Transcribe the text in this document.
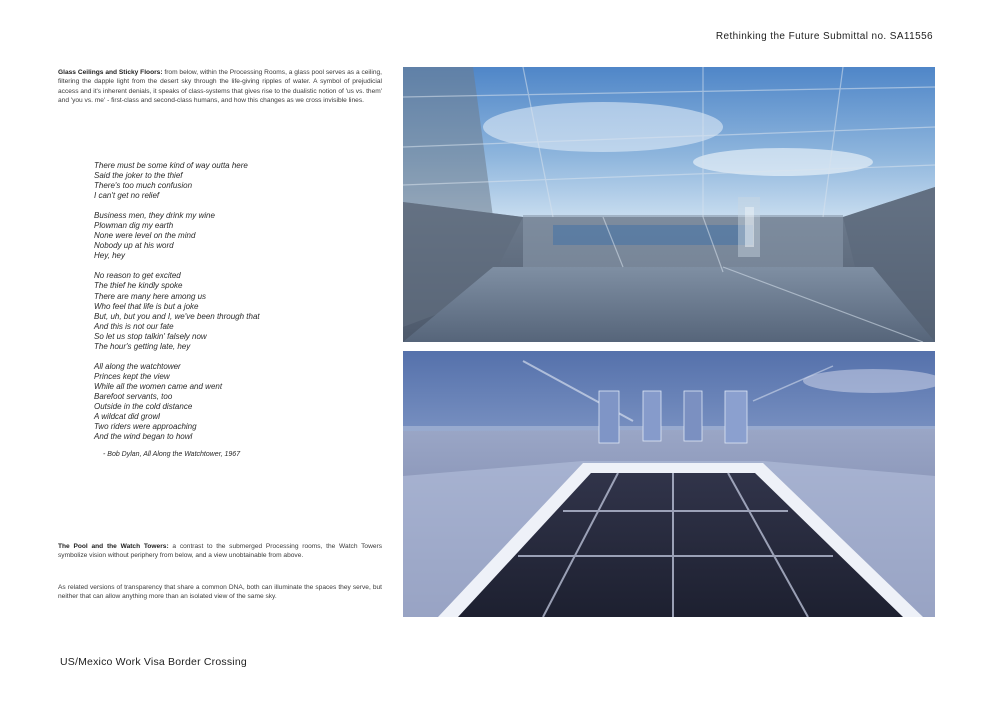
Rethinking the Future Submittal no. SA11556
Glass Ceilings and Sticky Floors: from below, within the Processing Rooms, a glass pool serves as a ceiling, filtering the dapple light from the desert sky through the life-giving ripples of water. A symbol of prejudicial access and it's inherent denials, it speaks of class-systems that gives rise to the dualistic notion of 'us vs. them' and 'you vs. me' - first-class and second-class humans, and how this changes as we cross invisible lines.
There must be some kind of way outta here
Said the joker to the thief
There's too much confusion
I can't get no relief
Business men, they drink my wine
Plowman dig my earth
None were level on the mind
Nobody up at his word
Hey, hey
No reason to get excited
The thief he kindly spoke
There are many here among us
Who feel that life is but a joke
But, uh, but you and I, we've been through that
And this is not our fate
So let us stop talkin' falsely now
The hour's getting late, hey
All along the watchtower
Princes kept the view
While all the women came and went
Barefoot servants, too
Outside in the cold distance
A wildcat did growl
Two riders were approaching
And the wind began to howl
- Bob Dylan, All Along the Watchtower, 1967
The Pool and the Watch Towers: a contrast to the submerged Processing rooms, the Watch Towers symbolize vision without periphery from below, and a view unobtainable from above.
As related versions of transparency that share a common DNA, both can illuminate the spaces they serve, but neither that can allow anything more than an isolated view of the same sky.
US/Mexico Work Visa Border Crossing
